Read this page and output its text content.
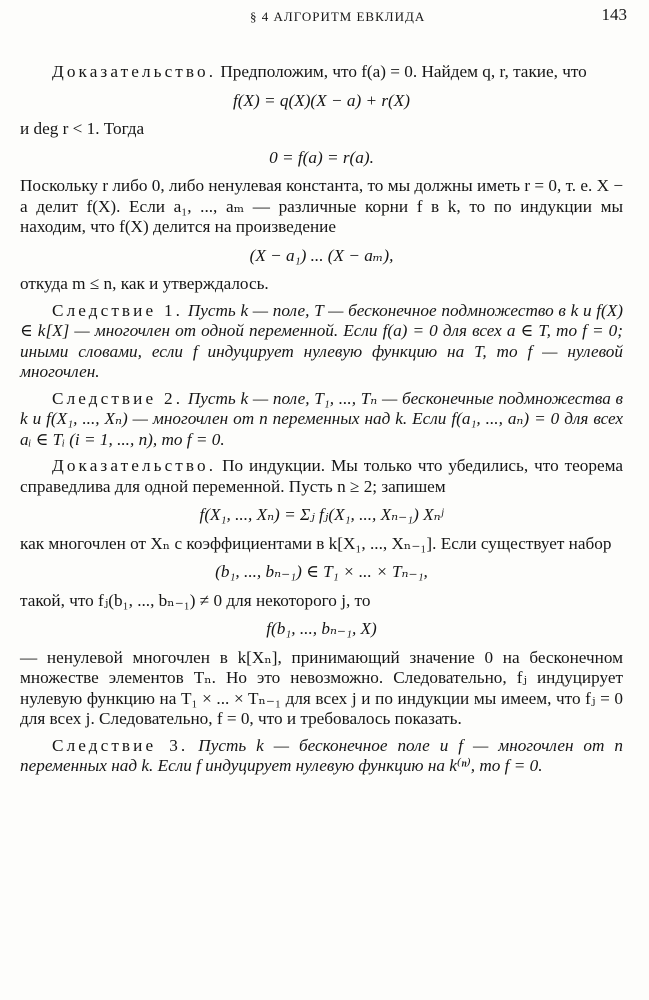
§ 4 АЛГОРИТМ ЕВКЛИДА	143

Доказательство. Предположим, что f(a) = 0. Найдем q, r, такие, что

f(X) = q(X)(X − a) + r(X)

и deg r < 1. Тогда

0 = f(a) = r(a).

Поскольку r либо 0, либо ненулевая константа, то мы должны иметь r = 0, т. е. X − a делит f(X). Если a₁, ..., aₘ — различные корни f в k, то по индукции мы находим, что f(X) делится на произведение

(X − a₁) ... (X − aₘ),

откуда m ≤ n, как и утверждалось.

Следствие 1. Пусть k — поле, T — бесконечное подмножество в k и f(X) ∈ k[X] — многочлен от одной переменной. Если f(a) = 0 для всех a ∈ T, то f = 0; иными словами, если f индуцирует нулевую функцию на T, то f — нулевой многочлен.

Следствие 2. Пусть k — поле, T₁, ..., Tₙ — бесконечные подмножества в k и f(X₁, ..., Xₙ) — многочлен от n переменных над k. Если f(a₁, ..., aₙ) = 0 для всех aᵢ ∈ Tᵢ (i = 1, ..., n), то f = 0.

Доказательство. По индукции. Мы только что убедились, что теорема справедлива для одной переменной. Пусть n ≥ 2; запишем

f(X₁, ..., Xₙ) = Σⱼ fⱼ(X₁, ..., Xₙ₋₁) Xₙʲ

как многочлен от Xₙ с коэффициентами в k[X₁, ..., Xₙ₋₁]. Если существует набор

(b₁, ..., bₙ₋₁) ∈ T₁ × ... × Tₙ₋₁,

такой, что fⱼ(b₁, ..., bₙ₋₁) ≠ 0 для некоторого j, то

f(b₁, ..., bₙ₋₁, X)

— ненулевой многочлен в k[Xₙ], принимающий значение 0 на бесконечном множестве элементов Tₙ. Но это невозможно. Следовательно, fⱼ индуцирует нулевую функцию на T₁ × ... × Tₙ₋₁ для всех j и по индукции мы имеем, что fⱼ = 0 для всех j. Следовательно, f = 0, что и требовалось показать.

Следствие 3. Пусть k — бесконечное поле и f — многочлен от n переменных над k. Если f индуцирует нулевую функцию на k⁽ⁿ⁾, то f = 0.
